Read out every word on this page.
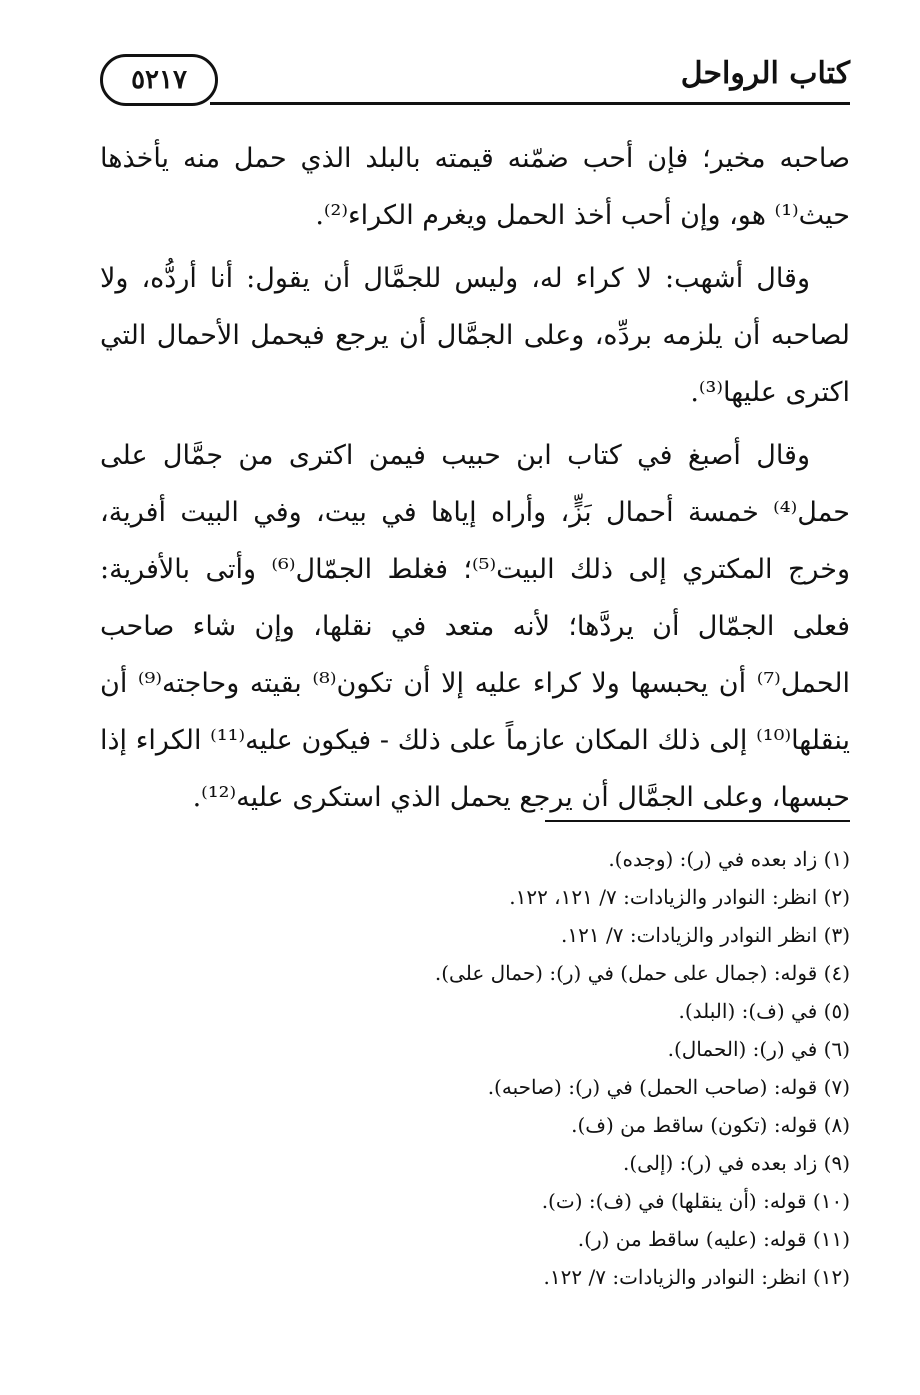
٥٢١٧	كتاب الرواحل

صاحبه مخير؛ فإن أحب ضمّنه قيمته بالبلد الذي حمل منه يأخذها حيث⁽¹⁾ هو، وإن أحب أخذ الحمل ويغرم الكراء⁽²⁾.

وقال أشهب: لا كراء له، وليس للجمَّال أن يقول: أنا أردُّه، ولا لصاحبه أن يلزمه بردِّه، وعلى الجمَّال أن يرجع فيحمل الأحمال التي اكترى عليها⁽³⁾.

وقال أصبغ في كتاب ابن حبيب فيمن اكترى من جمَّال على حمل⁽⁴⁾ خمسة أحمال بَزٍّ، وأراه إياها في بيت، وفي البيت أفرية، وخرج المكتري إلى ذلك البيت⁽⁵⁾؛ فغلط الجمّال⁽⁶⁾ وأتى بالأفرية: فعلى الجمّال أن يردَّها؛ لأنه متعد في نقلها، وإن شاء صاحب الحمل⁽⁷⁾ أن يحبسها ولا كراء عليه إلا أن تكون⁽⁸⁾ بقيته وحاجته⁽⁹⁾ أن ينقلها⁽¹⁰⁾ إلى ذلك المكان عازماً على ذلك - فيكون عليه⁽¹¹⁾ الكراء إذا حبسها، وعلى الجمَّال أن يرجع يحمل الذي استكرى عليه⁽¹²⁾.

(١) زاد بعده في (ر): (وجده).
(٢) انظر: النوادر والزيادات: ٧/ ١٢١، ١٢٢.
(٣) انظر النوادر والزيادات: ٧/ ١٢١.
(٤) قوله: (جمال على حمل) في (ر): (حمال على).
(٥) في (ف): (البلد).
(٦) في (ر): (الحمال).
(٧) قوله: (صاحب الحمل) في (ر): (صاحبه).
(٨) قوله: (تكون) ساقط من (ف).
(٩) زاد بعده في (ر): (إلى).
(١٠) قوله: (أن ينقلها) في (ف): (ت).
(١١) قوله: (عليه) ساقط من (ر).
(١٢) انظر: النوادر والزيادات: ٧/ ١٢٢.
